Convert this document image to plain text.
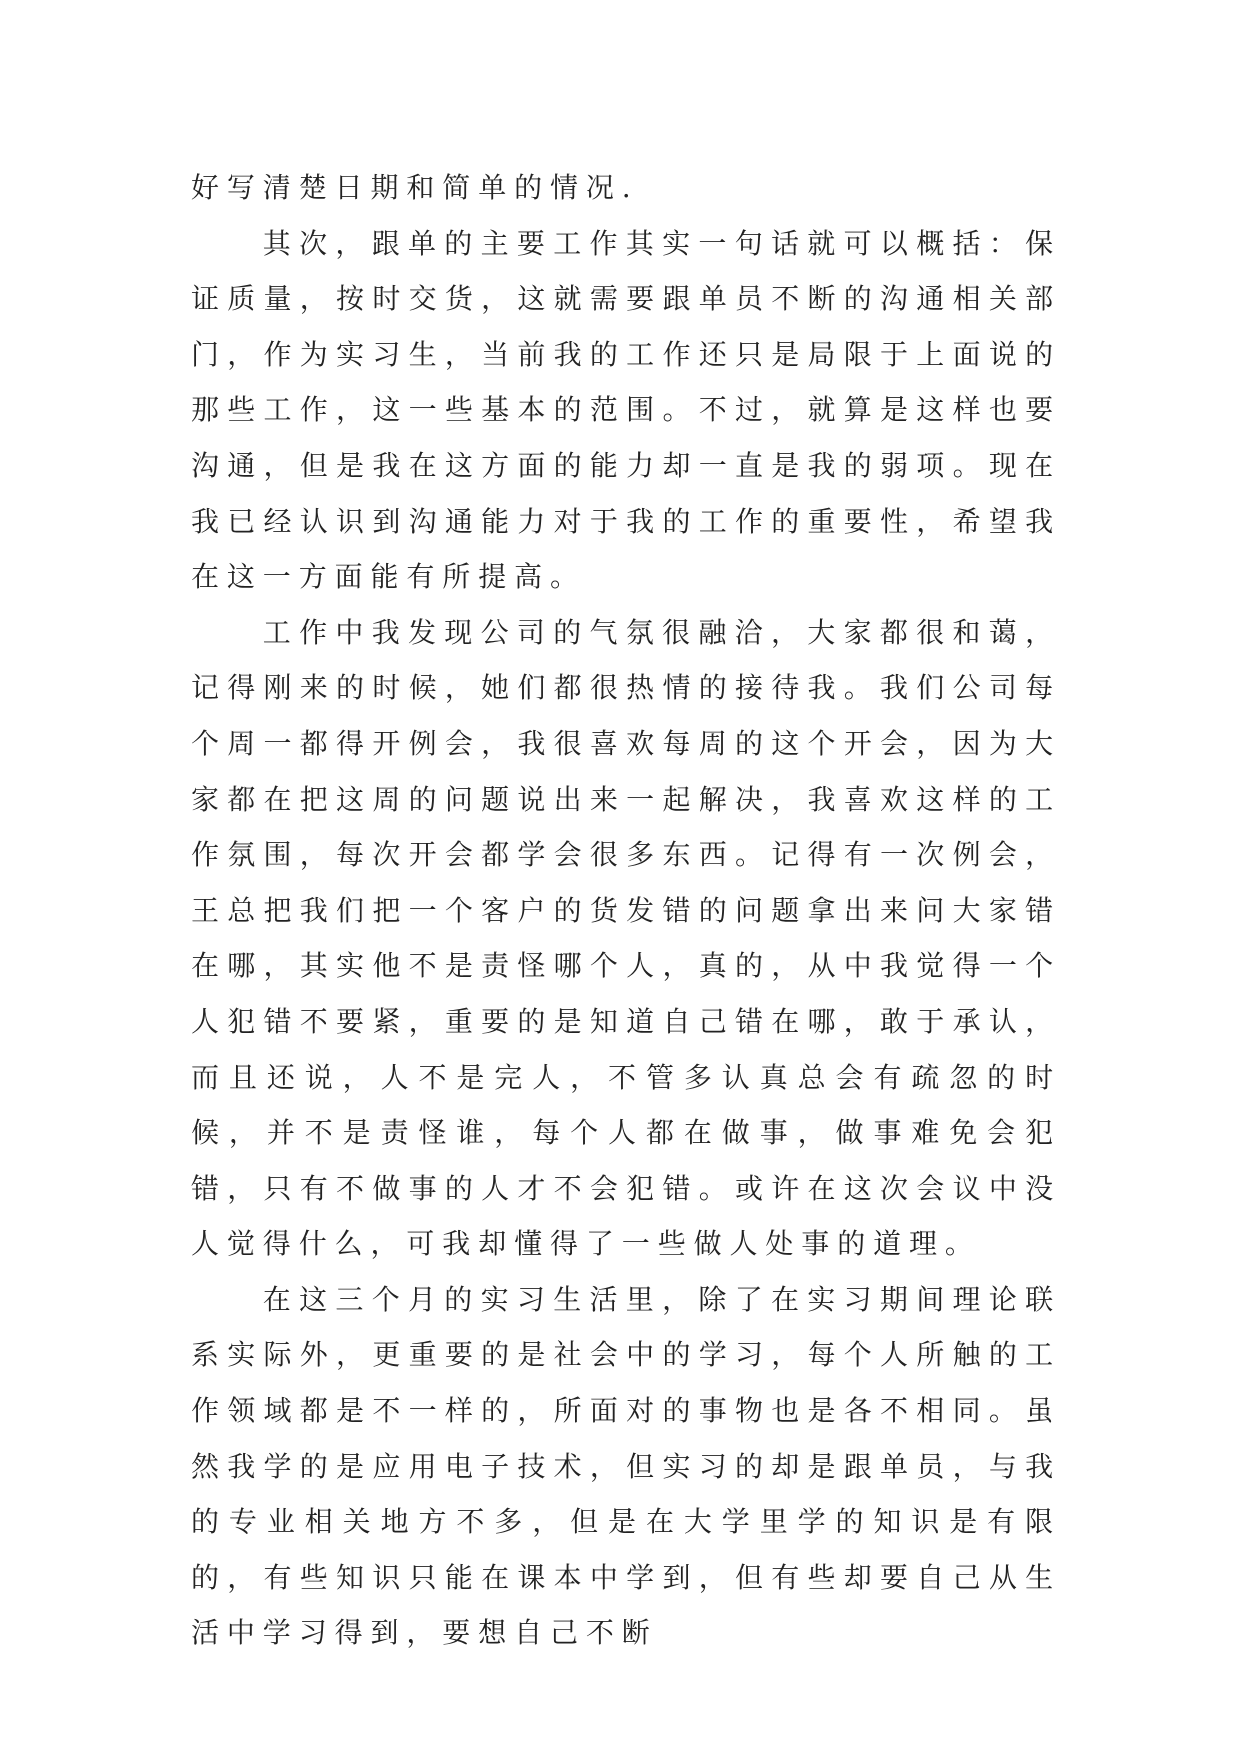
好写清楚日期和简单的情况.

其次，跟单的主要工作其实一句话就可以概括：保证质量，按时交货，这就需要跟单员不断的沟通相关部门，作为实习生，当前我的工作还只是局限于上面说的那些工作，这一些基本的范围。不过，就算是这样也要沟通，但是我在这方面的能力却一直是我的弱项。现在我已经认识到沟通能力对于我的工作的重要性，希望我在这一方面能有所提高。

工作中我发现公司的气氛很融洽，大家都很和蔼，记得刚来的时候，她们都很热情的接待我。我们公司每个周一都得开例会，我很喜欢每周的这个开会，因为大家都在把这周的问题说出来一起解决，我喜欢这样的工作氛围，每次开会都学会很多东西。记得有一次例会，王总把我们把一个客户的货发错的问题拿出来问大家错在哪，其实他不是责怪哪个人，真的，从中我觉得一个人犯错不要紧，重要的是知道自己错在哪，敢于承认，而且还说，人不是完人，不管多认真总会有疏忽的时候，并不是责怪谁，每个人都在做事，做事难免会犯错，只有不做事的人才不会犯错。或许在这次会议中没人觉得什么，可我却懂得了一些做人处事的道理。

在这三个月的实习生活里，除了在实习期间理论联系实际外，更重要的是社会中的学习，每个人所触的工作领域都是不一样的，所面对的事物也是各不相同。虽然我学的是应用电子技术，但实习的却是跟单员，与我的专业相关地方不多，但是在大学里学的知识是有限的，有些知识只能在课本中学到，但有些却要自己从生活中学习得到，要想自己不断
